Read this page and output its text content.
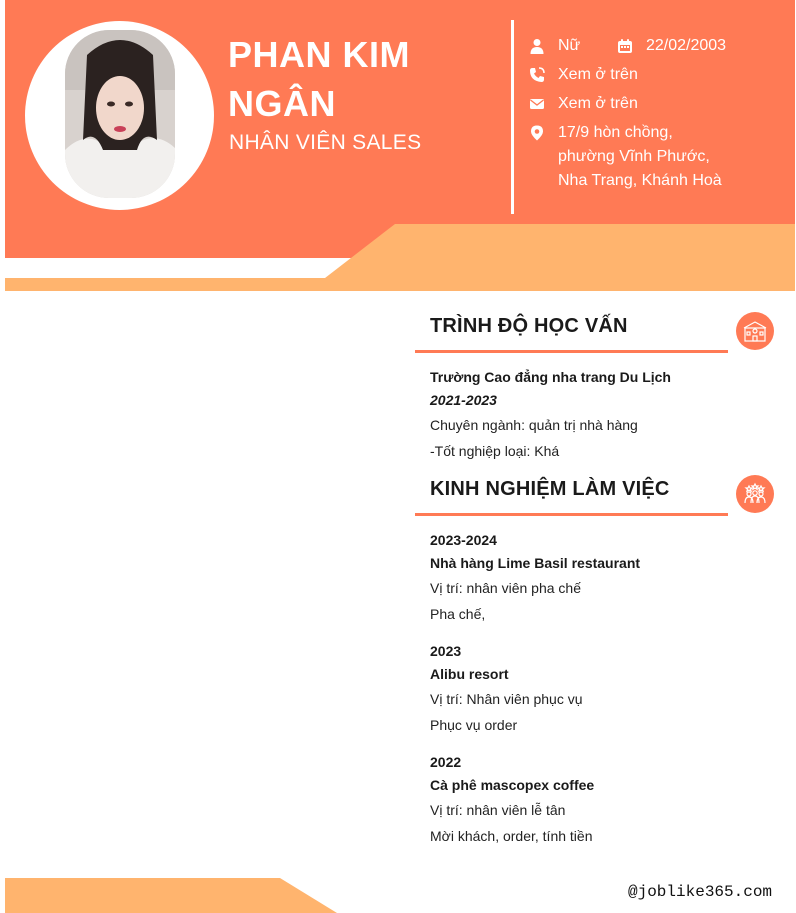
PHAN KIM NGÂN
NHÂN VIÊN SALES
Nữ	22/02/2003
Xem ở trên
Xem ở trên
17/9 hòn chồng, phường Vĩnh Phước, Nha Trang, Khánh Hoà
TRÌNH ĐỘ HỌC VẤN
Trường Cao đẳng nha trang Du Lịch
2021-2023
Chuyên ngành: quản trị nhà hàng
-Tốt nghiệp loại: Khá
KINH NGHIỆM LÀM VIỆC
2023-2024
Nhà hàng Lime Basil restaurant
Vị trí: nhân viên pha chế
Pha chế,
2023
Alibu resort
Vị trí: Nhân viên phục vụ
Phục vụ order
2022
Cà phê mascopex coffee
Vị trí: nhân viên lễ tân
Mời khách, order, tính tiền
@joblike365.com
